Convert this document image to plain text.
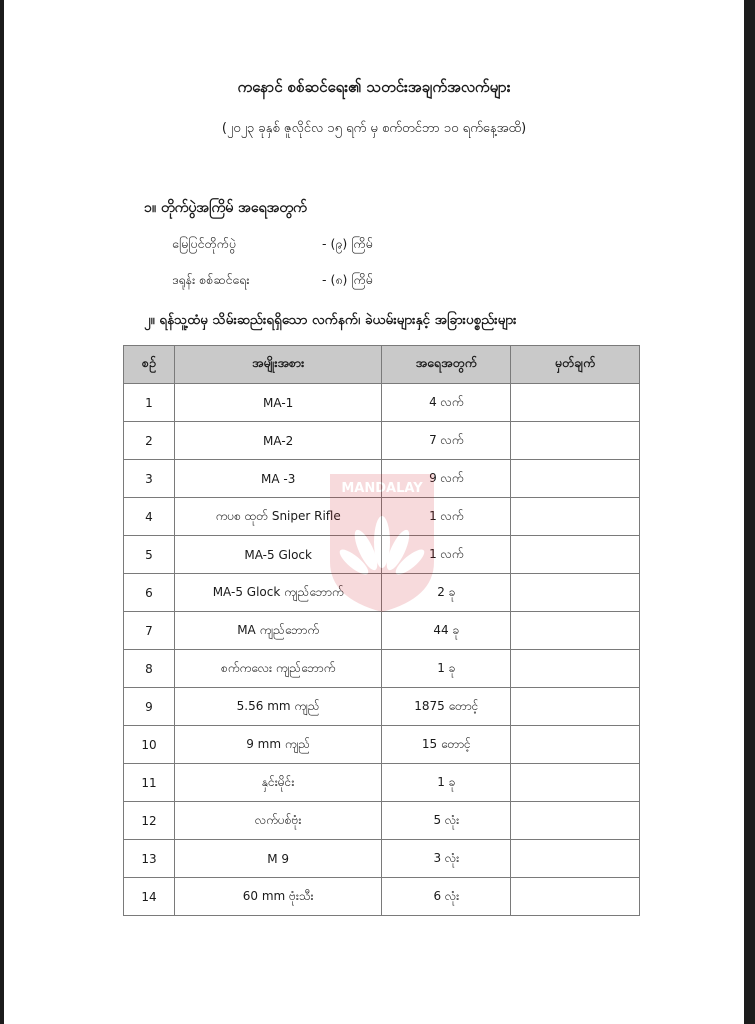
ကနောင် စစ်ဆင်ရေး၏ သတင်းအချက်အလက်များ
(၂၀၂၃ ခုနှစ် ဇူလိုင်လ ၁၅ ရက် မှ စက်တင်ဘာ ၁၀ ရက်နေ့အထိ)
၁။ တိုက်ပွဲအကြိမ် အရေအတွက်
မြေပြင်တိုက်ပွဲ	- (၉) ကြိမ်
ဒရုန်း စစ်ဆင်ရေး	- (၈) ကြိမ်
၂။ ရန်သူ့ထံမှ သိမ်းဆည်းရရှိသော လက်နက်၊ ခဲယမ်းများနှင့် အခြားပစ္စည်းများ
စဥ်	အမျိုးအစား	အရေအတွက်	မှတ်ချက်
1	MA-1	4 လက်	
2	MA-2	7 လက်	
3	MA -3	9 လက်	
4	ကပစ ထုတ် Sniper Rifle	1 လက်	
5	MA-5 Glock	1 လက်	
6	MA-5 Glock ကျည်ဘောက်	2 ခု	
7	MA ကျည်ဘောက်	44 ခု	
8	စက်ကလေး ကျည်ဘောက်	1 ခု	
9	5.56 mm ကျည်	1875 တောင့်	
10	9 mm ကျည်	15 တောင့်	
11	နှင်းမိုင်း	1 ခု	
12	လက်ပစ်ဗုံး	5 လုံး	
13	M 9	3 လုံး	
14	60 mm ဗုံးသီး	6 လုံး	
MANDALAY
